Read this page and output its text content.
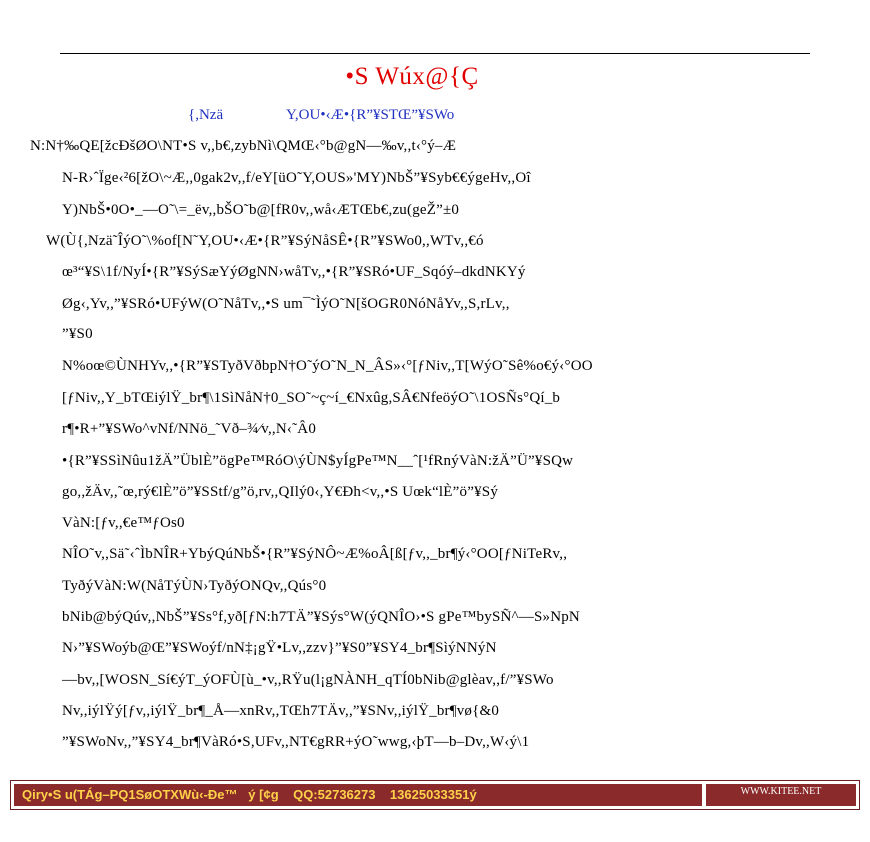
•S Wúx@{Ç
{,Nzä	Y,OU•‹Æ•{R”¥STŒ”¥SWo
N:N†‰QE[žcÐšØO\NT•S v,,b€,zybNì\QMŒ‹°b@gN—‰v,,t‹°ý–Æ
N-R›ˆÏge‹²6[žO\~Æ,,0gak2v,,f/eY[üO˜Y,OUS»'MY)NbŠ”¥Syb€€ýgeHv,,Oî
Y)NbŠ•0O•_—O˜\=_ëv,,bŠO˜b@[fR0v,,wå‹ÆTŒb€,zu(geŽ”±0
W(Ù{,Nzä˜ÎýO˜\%of[N˜Y,OU•‹Æ•{R”¥SýNåSÊ•{R”¥SWo0,,WTv,,€ó
œ³“¥S\1f/NyÍ•{R”¥SýSæYýØgNN›wåTv,,•{R”¥SRó•UF_Sqóý–dkdNKYý
Øg‹,Yv,,”¥SRó•UFýW(O˜NåTv,,•S um¯˜ÌýO˜N[šOGR0NóNåYv,,S,rLv,,
”¥S0
N%oœ©ÙNHYv,,•{R”¥STyðVðbpN†O˜ýO˜N_N_ÂS»‹°[ƒNiv,,T[WýO˜Sê%o€ý‹°OO
[ƒNiv,,Y_bTŒiýlŸ_br¶\1SìNåN†0_SO˜~ç~í_€Nxûg,SÂ€NfeöýO˜\1OSÑs°Qí_b
r¶•R+”¥SWo^vNf/NNö_˜Vð–¾⁄v,,N‹˜Â0
•{R”¥SSìNûu1žÄ”ÜblÈ”ögPe™RóO\ýÙN$yÍgPe™N__ˆ[¹fRnýVàN:žÄ”Ü”¥SQw
go,,žÄv,,˜œ,rý€lÈ”ö”¥SStf/g”ö,rv,,QIlý0‹,Y€Ðh<v,,•S Uœk“lÈ”ö”¥Sý
VàN:[ƒv,,€e™ƒOs0
NÎO˜v,,Sä˜‹ˆÌbNÎR+YbýQúNbŠ•{R”¥SýNÔ~Æ%oÂ[ß[ƒv,,_br¶ý‹°OO[ƒNiTeRv,,
TyðýVàN:W(NåTýÙN›TyðýONQv,,Qús°0
bNib@býQúv,,NbŠ”¥Ss°f,yð[ƒN:h7TÄ”¥Sýs°W(ýQNÎO›•S gPe™bySÑ^—S»NpN
N›”¥SWoýb@Œ”¥SWoýf/nN‡¡gŸ•Lv,,zzv}”¥S0”¥SY4_br¶SìýNNýN
—bv,,[WOSN_Sí€ýT_ýOFÙ[ù_•v,,RŸu(l¡gNÀNH_qTÍ0bNib@glèav,,f/”¥SWo
Nv,,iýlŸý[ƒv,,iýlŸ_br¶_Å—xnRv,,TŒh7TÄv,,”¥SNv,,iýlŸ_br¶vø{&0
”¥SWoNv,,”¥SY4_br¶VàRó•S,UFv,,NT€gRR+ýO˜wwg,‹þT—b–Dv,,W‹ý\1
Qiry•S u(TÁg–PQ1SøOTXWù‹-Ðe™   ý [¢g    QQ:52736273    13625033351ý	WWW.KITEE.NET
